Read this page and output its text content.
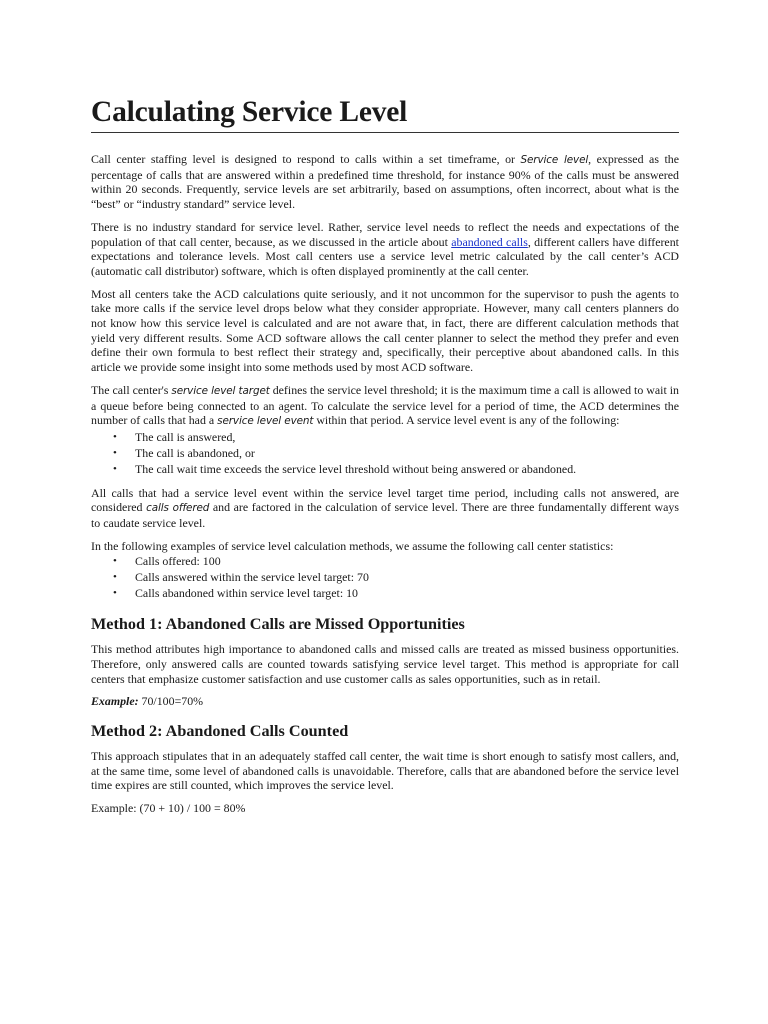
Calculating Service Level

Call center staffing level is designed to respond to calls within a set timeframe, or Service level, expressed as the percentage of calls that are answered within a predefined time threshold, for instance 90% of the calls must be answered within 20 seconds. Frequently, service levels are set arbitrarily, based on assumptions, often incorrect, about what is the “best” or “industry standard” service level.

There is no industry standard for service level. Rather, service level needs to reflect the needs and expectations of the population of that call center, because, as we discussed in the article about abandoned calls, different callers have different expectations and tolerance levels. Most call centers use a service level metric calculated by the call center’s ACD (automatic call distributor) software, which is often displayed prominently at the call center.

Most all centers take the ACD calculations quite seriously, and it not uncommon for the supervisor to push the agents to take more calls if the service level drops below what they consider appropriate. However, many call centers planners do not know how this service level is calculated and are not aware that, in fact, there are different calculation methods that yield very different results. Some ACD software allows the call center planner to select the method they prefer and even define their own formula to best reflect their strategy and, specifically, their perceptive about abandoned calls. In this article we provide some insight into some methods used by most ACD software.

The call center's service level target defines the service level threshold; it is the maximum time a call is allowed to wait in a queue before being connected to an agent. To calculate the service level for a period of time, the ACD determines the number of calls that had a service level event within that period. A service level event is any of the following:

• The call is answered,
• The call is abandoned, or
• The call wait time exceeds the service level threshold without being answered or abandoned.

All calls that had a service level event within the service level target time period, including calls not answered, are considered calls offered and are factored in the calculation of service level. There are three fundamentally different ways to caudate service level.

In the following examples of service level calculation methods, we assume the following call center statistics:

• Calls offered: 100
• Calls answered within the service level target: 70
• Calls abandoned within service level target: 10
Method 1: Abandoned Calls are Missed Opportunities

This method attributes high importance to abandoned calls and missed calls are treated as missed business opportunities. Therefore, only answered calls are counted towards satisfying service level target. This method is appropriate for call centers that emphasize customer satisfaction and use customer calls as sales opportunities, such as in retail.

Example: 70/100=70%

Method 2: Abandoned Calls Counted

This approach stipulates that in an adequately staffed call center, the wait time is short enough to satisfy most callers, and, at the same time, some level of abandoned calls is unavoidable. Therefore, calls that are abandoned before the service level time expires are still counted, which improves the service level.

Example: (70 + 10) / 100 = 80%
